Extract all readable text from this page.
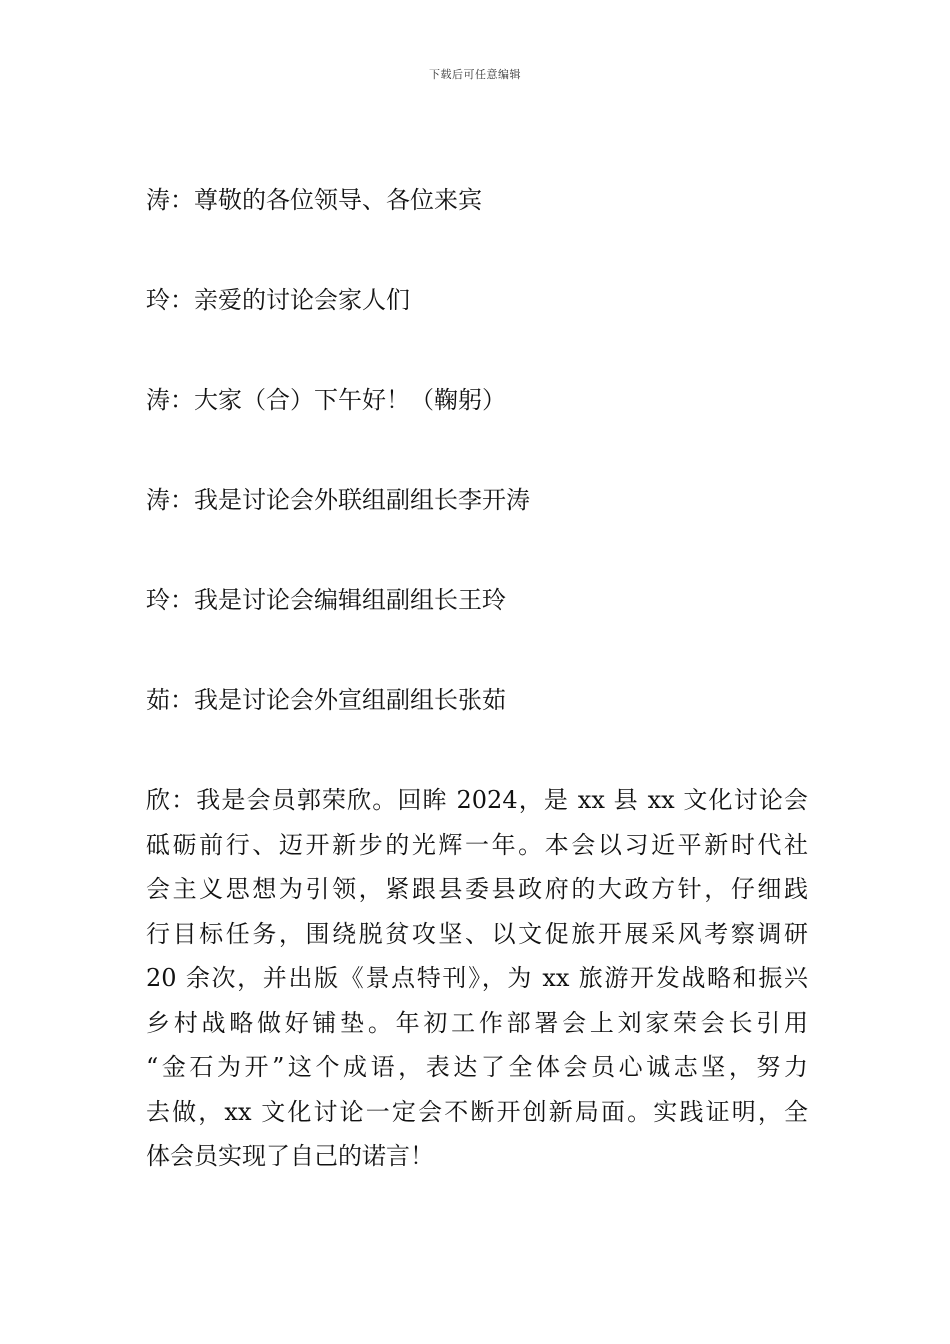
下载后可任意编辑
涛：尊敬的各位领导、各位来宾
玲：亲爱的讨论会家人们
涛：大家（合）下午好！（鞠躬）
涛：我是讨论会外联组副组长李开涛
玲：我是讨论会编辑组副组长王玲
茹：我是讨论会外宣组副组长张茹

欣：我是会员郭荣欣。回眸 2024，是 xx 县 xx 文化讨论会
砥砺前行、迈开新步的光辉一年。本会以习近平新时代社
会主义思想为引领，紧跟县委县政府的大政方针，仔细践
行目标任务，围绕脱贫攻坚、以文促旅开展采风考察调研
20 余次，并出版《景点特刊》，为 xx 旅游开发战略和振兴
乡村战略做好铺垫。年初工作部署会上刘家荣会长引用
“金石为开”这个成语，表达了全体会员心诚志坚，努力
去做，xx 文化讨论一定会不断开创新局面。实践证明，全
体会员实现了自己的诺言！
